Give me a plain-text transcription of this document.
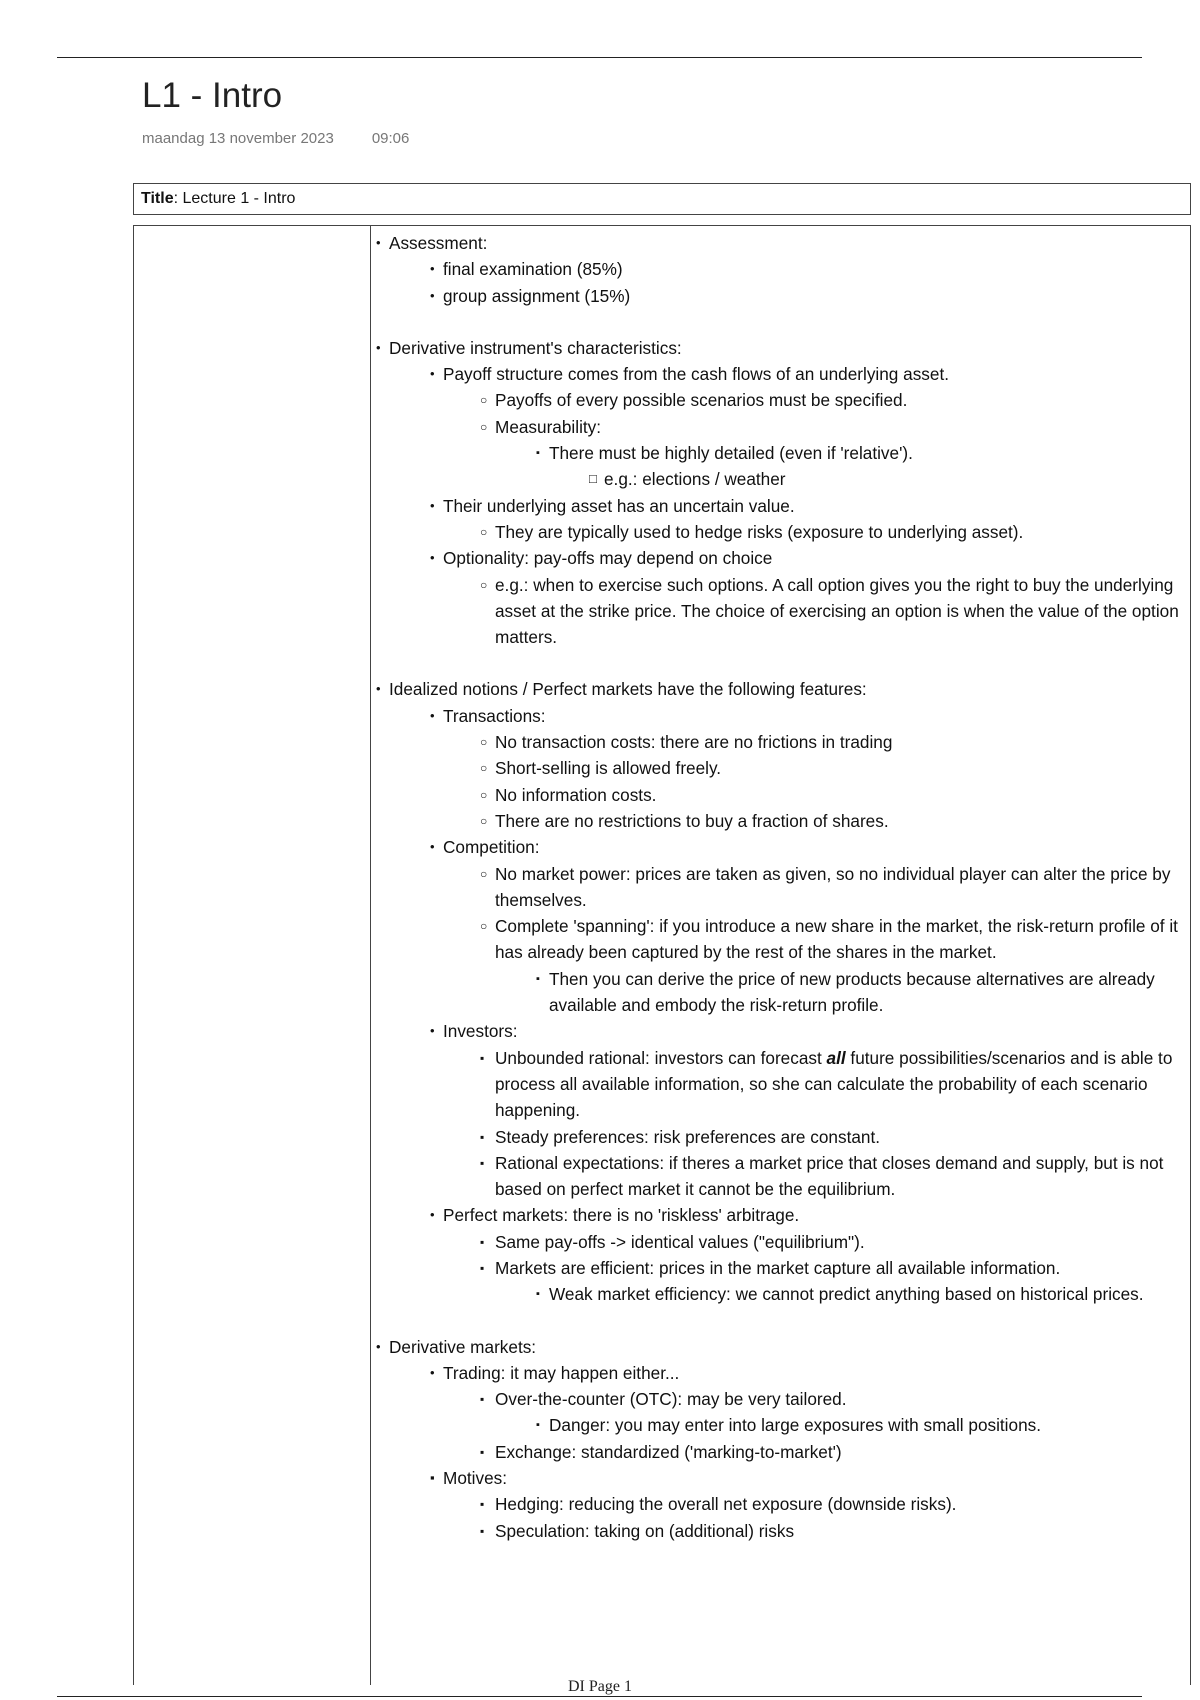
L1 - Intro
maandag 13 november 2023	09:06
Title: Lecture 1 - Intro
• Assessment:
• final examination (85%)
• group assignment (15%)
• Derivative instrument's characteristics:
• Payoff structure comes from the cash flows of an underlying asset.
○ Payoffs of every possible scenarios must be specified.
○ Measurability:
▪ There must be highly detailed (even if 'relative').
□ e.g.: elections / weather
• Their underlying asset has an uncertain value.
○ They are typically used to hedge risks (exposure to underlying asset).
• Optionality: pay-offs may depend on choice
○ e.g.: when to exercise such options. A call option gives you the right to buy the underlying asset at the strike price. The choice of exercising an option is when the value of the option matters.
• Idealized notions / Perfect markets have the following features:
• Transactions:
○ No transaction costs: there are no frictions in trading
○ Short-selling is allowed freely.
○ No information costs.
○ There are no restrictions to buy a fraction of shares.
• Competition:
○ No market power: prices are taken as given, so no individual player can alter the price by themselves.
○ Complete 'spanning': if you introduce a new share in the market, the risk-return profile of it has already been captured by the rest of the shares in the market.
▪ Then you can derive the price of new products because alternatives are already available and embody the risk-return profile.
• Investors:
▪ Unbounded rational: investors can forecast all future possibilities/scenarios and is able to process all available information, so she can calculate the probability of each scenario happening.
▪ Steady preferences: risk preferences are constant.
▪ Rational expectations: if theres a market price that closes demand and supply, but is not based on perfect market it cannot be the equilibrium.
• Perfect markets: there is no 'riskless' arbitrage.
▪ Same pay-offs -> identical values ("equilibrium").
▪ Markets are efficient: prices in the market capture all available information.
▪ Weak market efficiency: we cannot predict anything based on historical prices.
• Derivative markets:
• Trading: it may happen either...
▪ Over-the-counter (OTC): may be very tailored.
▪ Danger: you may enter into large exposures with small positions.
▪ Exchange: standardized ('marking-to-market')
▪ Motives:
▪ Hedging: reducing the overall net exposure (downside risks).
▪ Speculation: taking on (additional) risks
DI Page 1
